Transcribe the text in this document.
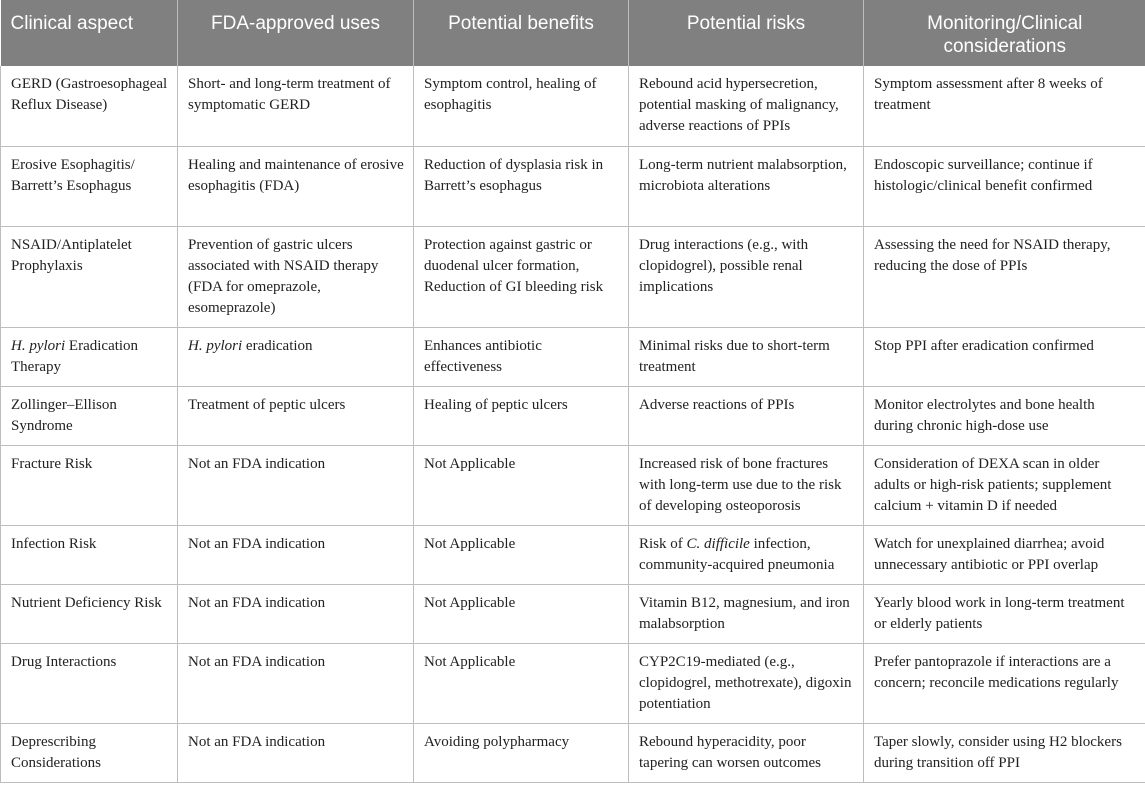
Clinical aspect	FDA-approved uses	Potential benefits	Potential risks	Monitoring/Clinical considerations
GERD (Gastroesophageal Reflux Disease)	Short- and long-term treatment of symptomatic GERD	Symptom control, healing of esophagitis	Rebound acid hypersecretion, potential masking of malignancy, adverse reactions of PPIs	Symptom assessment after 8 weeks of treatment
Erosive Esophagitis/ Barrett’s Esophagus	Healing and maintenance of erosive esophagitis (FDA)	Reduction of dysplasia risk in Barrett’s esophagus	Long-term nutrient malabsorption, microbiota alterations	Endoscopic surveillance; continue if histologic/clinical benefit confirmed
NSAID/Antiplatelet Prophylaxis	Prevention of gastric ulcers associated with NSAID therapy (FDA for omeprazole, esomeprazole)	Protection against gastric or duodenal ulcer formation, Reduction of GI bleeding risk	Drug interactions (e.g., with clopidogrel), possible renal implications	Assessing the need for NSAID therapy, reducing the dose of PPIs
H. pylori Eradication Therapy	H. pylori eradication	Enhances antibiotic effectiveness	Minimal risks due to short-term treatment	Stop PPI after eradication confirmed
Zollinger–Ellison Syndrome	Treatment of peptic ulcers	Healing of peptic ulcers	Adverse reactions of PPIs	Monitor electrolytes and bone health during chronic high-dose use
Fracture Risk	Not an FDA indication	Not Applicable	Increased risk of bone fractures with long-term use due to the risk of developing osteoporosis	Consideration of DEXA scan in older adults or high-risk patients; supplement calcium + vitamin D if needed
Infection Risk	Not an FDA indication	Not Applicable	Risk of C. difficile infection, community-acquired pneumonia	Watch for unexplained diarrhea; avoid unnecessary antibiotic or PPI overlap
Nutrient Deficiency Risk	Not an FDA indication	Not Applicable	Vitamin B12, magnesium, and iron malabsorption	Yearly blood work in long-term treatment or elderly patients
Drug Interactions	Not an FDA indication	Not Applicable	CYP2C19-mediated (e.g., clopidogrel, methotrexate), digoxin potentiation	Prefer pantoprazole if interactions are a concern; reconcile medications regularly
Deprescribing Considerations	Not an FDA indication	Avoiding polypharmacy	Rebound hyperacidity, poor tapering can worsen outcomes	Taper slowly, consider using H2 blockers during transition off PPI
